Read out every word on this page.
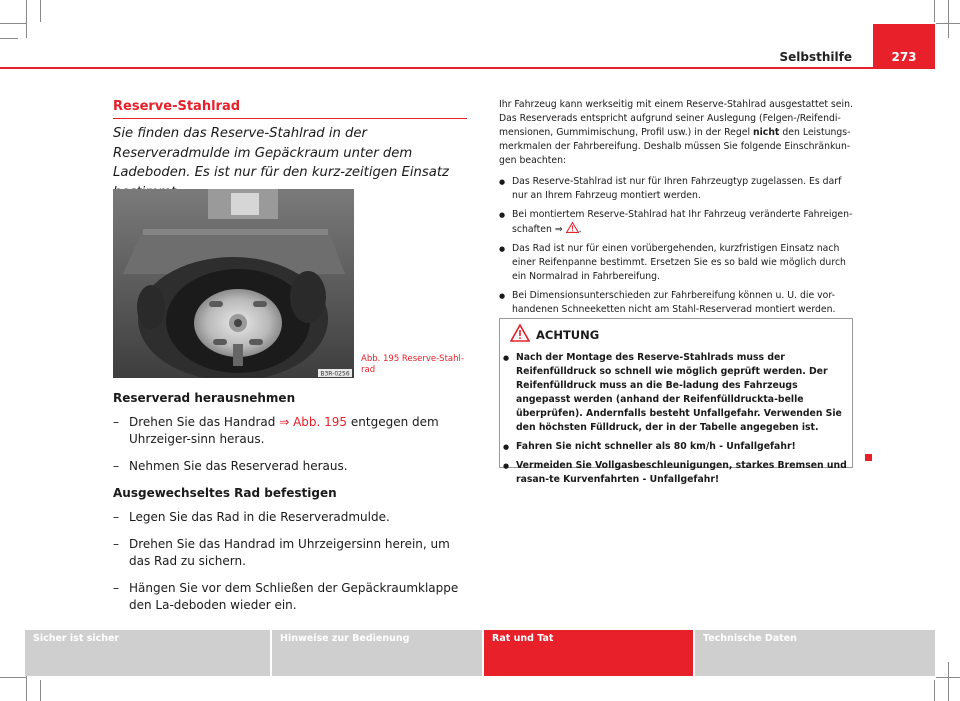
Selbsthilfe	273
Reserve-Stahlrad
Sie finden das Reserve-Stahlrad in der Reserveradmulde im Gepäckraum unter dem Ladeboden. Es ist nur für den kurz-zeitigen Einsatz
B3R-0256
Abb. 195 Reserve-Stahl-rad

Reserverad herausnehmen

– Drehen Sie das Handrad ⇒ Abb. 195 entgegen dem Uhrzeiger-sinn heraus.

– Nehmen Sie das Reserverad heraus.

Ausgewechseltes Rad befestigen

– Legen Sie das Rad in die Reserveradmulde.

– Drehen Sie das Handrad im Uhrzeigersinn herein, um das Rad zu sichern.

– Hängen Sie vor dem Schließen der Gepäckraumklappe den La-deboden wieder ein.

Ihr Fahrzeug kann werkseitig mit einem Reserve-Stahlrad ausgestattet sein. Das Reserverads entspricht aufgrund seiner Auslegung (Felgen-/Reifendi-mensionen, Gummimischung, Profil usw.) in der Regel nicht den Leistungs-merkmalen der Fahrbereifung. Deshalb müssen Sie folgende Einschränkun-gen beachten:

● Das Reserve-Stahlrad ist nur für Ihren Fahrzeugtyp zugelassen. Es darf nur an Ihrem Fahrzeug montiert werden.

● Bei montiertem Reserve-Stahlrad hat Ihr Fahrzeug veränderte Fahreigen-schaften ⇒ .

● Das Rad ist nur für einen vorübergehenden, kurzfristigen Einsatz nach einer Reifenpanne bestimmt. Ersetzen Sie es so bald wie möglich durch ein Normalrad in Fahrbereifung.

● Bei Dimensionsunterschieden zur Fahrbereifung können u. U. die vor-handenen Schneeketten nicht am Stahl-Reserverad montiert werden.

ACHTUNG

● Nach der Montage des Reserve-Stahlrads muss der Reifenfülldruck so schnell wie möglich geprüft werden. Der Reifenfülldruck muss an die Be-ladung des Fahrzeugs angepasst werden (anhand der Reifenfülldruckta-belle überprüfen). Andernfalls besteht Unfallgefahr. Verwenden Sie den höchsten Fülldruck, der in der Tabelle angegeben ist.

● Fahren Sie nicht schneller als 80 km/h - Unfallgefahr!

● Vermeiden Sie Vollgasbeschleunigungen, starkes Bremsen und rasan-te Kurvenfahrten - Unfallgefahr!

Sicher ist sicher	Hinweise zur Bedienung	Rat und Tat	Technische Daten
